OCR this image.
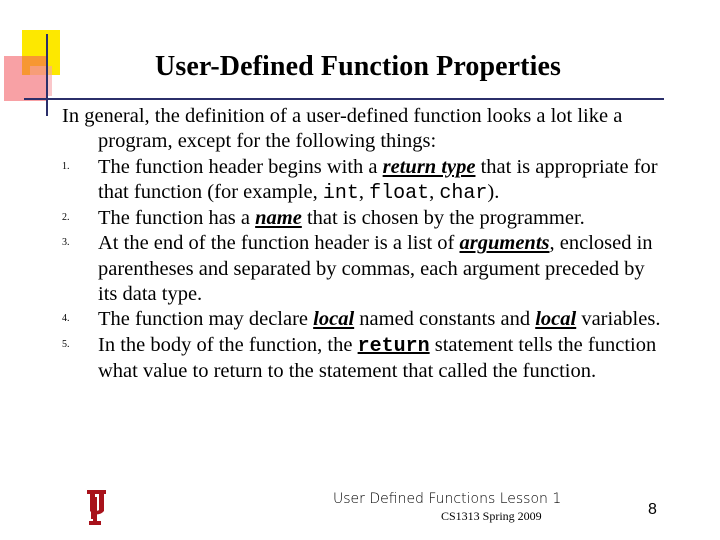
User-Defined Function Properties

In general, the definition of a user-defined function looks a lot like a program, except for the following things:

1. The function header begins with a return type that is appropriate for that function (for example, int, float, char).
2. The function has a name that is chosen by the programmer.
3. At the end of the function header is a list of arguments, enclosed in parentheses and separated by commas, each argument preceded by its data type.
4. The function may declare local named constants and local variables.
5. In the body of the function, the return statement tells the function what value to return to the statement that called the function.
User Defined Functions Lesson 1
CS1313 Spring 2009	8
